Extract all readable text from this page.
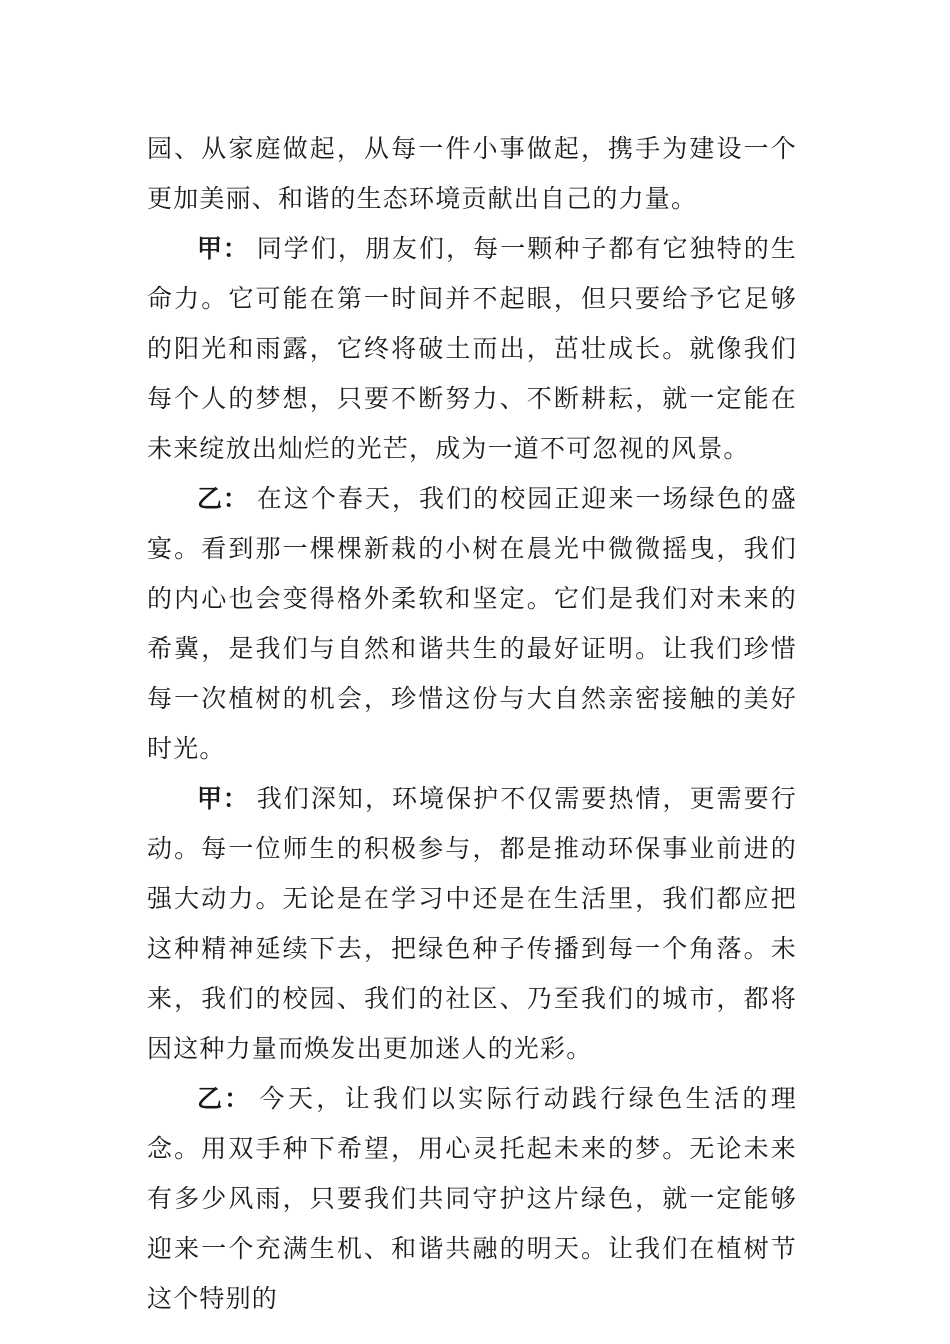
园、从家庭做起，从每一件小事做起，携手为建设一个更加美丽、和谐的生态环境贡献出自己的力量。

甲： 同学们，朋友们，每一颗种子都有它独特的生命力。它可能在第一时间并不起眼，但只要给予它足够的阳光和雨露，它终将破土而出，茁壮成长。就像我们每个人的梦想，只要不断努力、不断耕耘，就一定能在未来绽放出灿烂的光芒，成为一道不可忽视的风景。

乙： 在这个春天，我们的校园正迎来一场绿色的盛宴。看到那一棵棵新栽的小树在晨光中微微摇曳，我们的内心也会变得格外柔软和坚定。它们是我们对未来的希冀，是我们与自然和谐共生的最好证明。让我们珍惜每一次植树的机会，珍惜这份与大自然亲密接触的美好时光。

甲： 我们深知，环境保护不仅需要热情，更需要行动。每一位师生的积极参与，都是推动环保事业前进的强大动力。无论是在学习中还是在生活里，我们都应把这种精神延续下去，把绿色种子传播到每一个角落。未来，我们的校园、我们的社区、乃至我们的城市，都将因这种力量而焕发出更加迷人的光彩。

乙： 今天，让我们以实际行动践行绿色生活的理念。用双手种下希望，用心灵托起未来的梦。无论未来有多少风雨，只要我们共同守护这片绿色，就一定能够迎来一个充满生机、和谐共融的明天。让我们在植树节这个特别的
